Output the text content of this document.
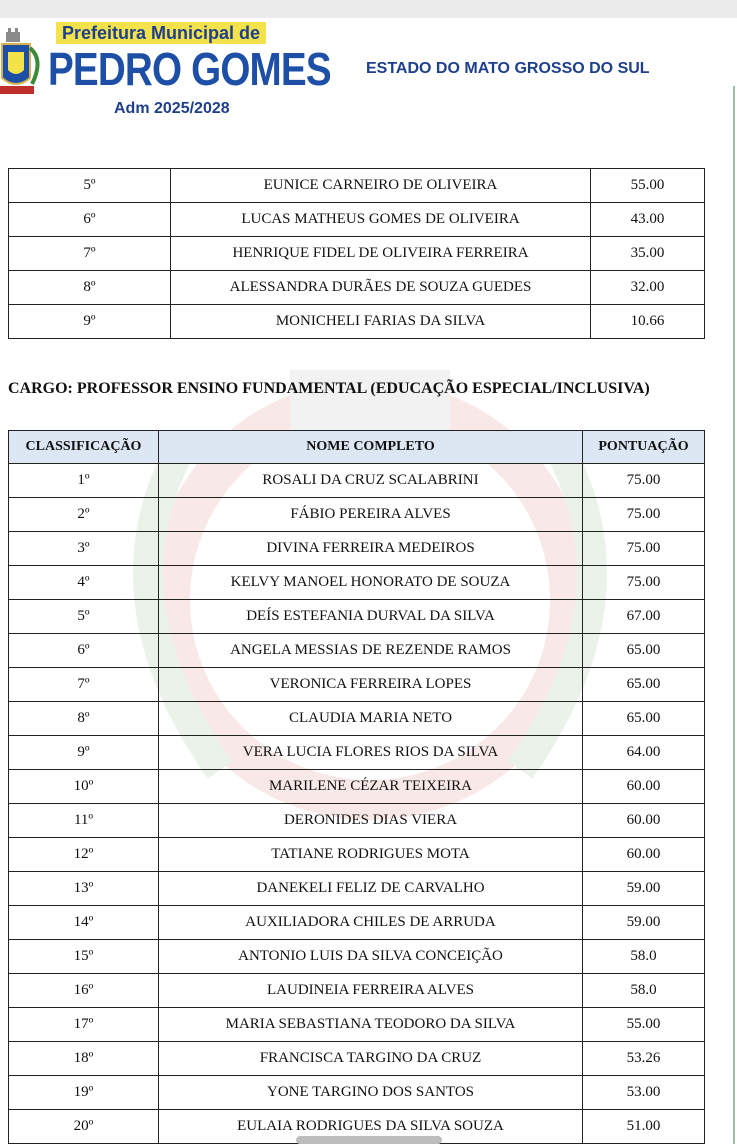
Prefeitura Municipal de
PEDRO GOMES
Adm 2025/2028
ESTADO DO MATO GROSSO DO SUL
5º	EUNICE CARNEIRO DE OLIVEIRA	55.00
6º	LUCAS MATHEUS GOMES DE OLIVEIRA	43.00
7º	HENRIQUE FIDEL DE OLIVEIRA FERREIRA	35.00
8º	ALESSANDRA DURÃES DE SOUZA GUEDES	32.00
9º	MONICHELI FARIAS DA SILVA	10.66
CARGO: PROFESSOR ENSINO FUNDAMENTAL (EDUCAÇÃO ESPECIAL/INCLUSIVA)
CLASSIFICAÇÃO	NOME COMPLETO	PONTUAÇÃO
1º	ROSALI DA CRUZ SCALABRINI	75.00
2º	FÁBIO PEREIRA ALVES	75.00
3º	DIVINA FERREIRA MEDEIROS	75.00
4º	KELVY MANOEL HONORATO DE SOUZA	75.00
5º	DEÍS ESTEFANIA DURVAL DA SILVA	67.00
6º	ANGELA MESSIAS DE REZENDE RAMOS	65.00
7º	VERONICA FERREIRA LOPES	65.00
8º	CLAUDIA MARIA NETO	65.00
9º	VERA LUCIA FLORES RIOS DA SILVA	64.00
10º	MARILENE CÉZAR TEIXEIRA	60.00
11º	DERONIDES DIAS VIERA	60.00
12º	TATIANE RODRIGUES MOTA	60.00
13º	DANEKELI FELIZ DE CARVALHO	59.00
14º	AUXILIADORA CHILES DE ARRUDA	59.00
15º	ANTONIO LUIS DA SILVA CONCEIÇÃO	58.0
16º	LAUDINEIA FERREIRA ALVES	58.0
17º	MARIA SEBASTIANA TEODORO DA SILVA	55.00
18º	FRANCISCA TARGINO DA CRUZ	53.26
19º	YONE TARGINO DOS SANTOS	53.00
20º	EULAIA RODRIGUES DA SILVA SOUZA	51.00
